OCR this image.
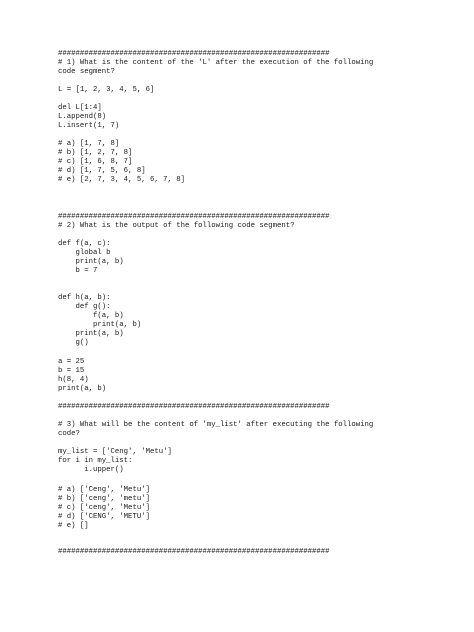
##############################################################
# 1) What is the content of the 'L' after the execution of the following
code segment?
L = [1, 2, 3, 4, 5, 6]
del L[1:4]
L.append(8)
L.insert(1, 7)
# a) [1, 7, 8]
# b) [1, 2, 7, 8]
# c) [1, 6, 8, 7]
# d) [1, 7, 5, 6, 8]
# e) [2, 7, 3, 4, 5, 6, 7, 8]
##############################################################
# 2) What is the output of the following code segment?
def f(a, c):
global b
print(a, b)
b = 7
def h(a, b):
def g():
f(a, b)
print(a, b)
print(a, b)
g()
a = 25
b = 15
h(8, 4)
print(a, b)
##############################################################
# 3) What will be the content of 'my_list' after executing the following
code?
my_list = ['Ceng', 'Metu']
for i in my_list:
i.upper()
# a) ['Ceng', 'Metu']
# b) ['ceng', 'metu']
# c) ['ceng', 'Metu']
# d) ['CENG', 'METU']
# e) []
##############################################################
